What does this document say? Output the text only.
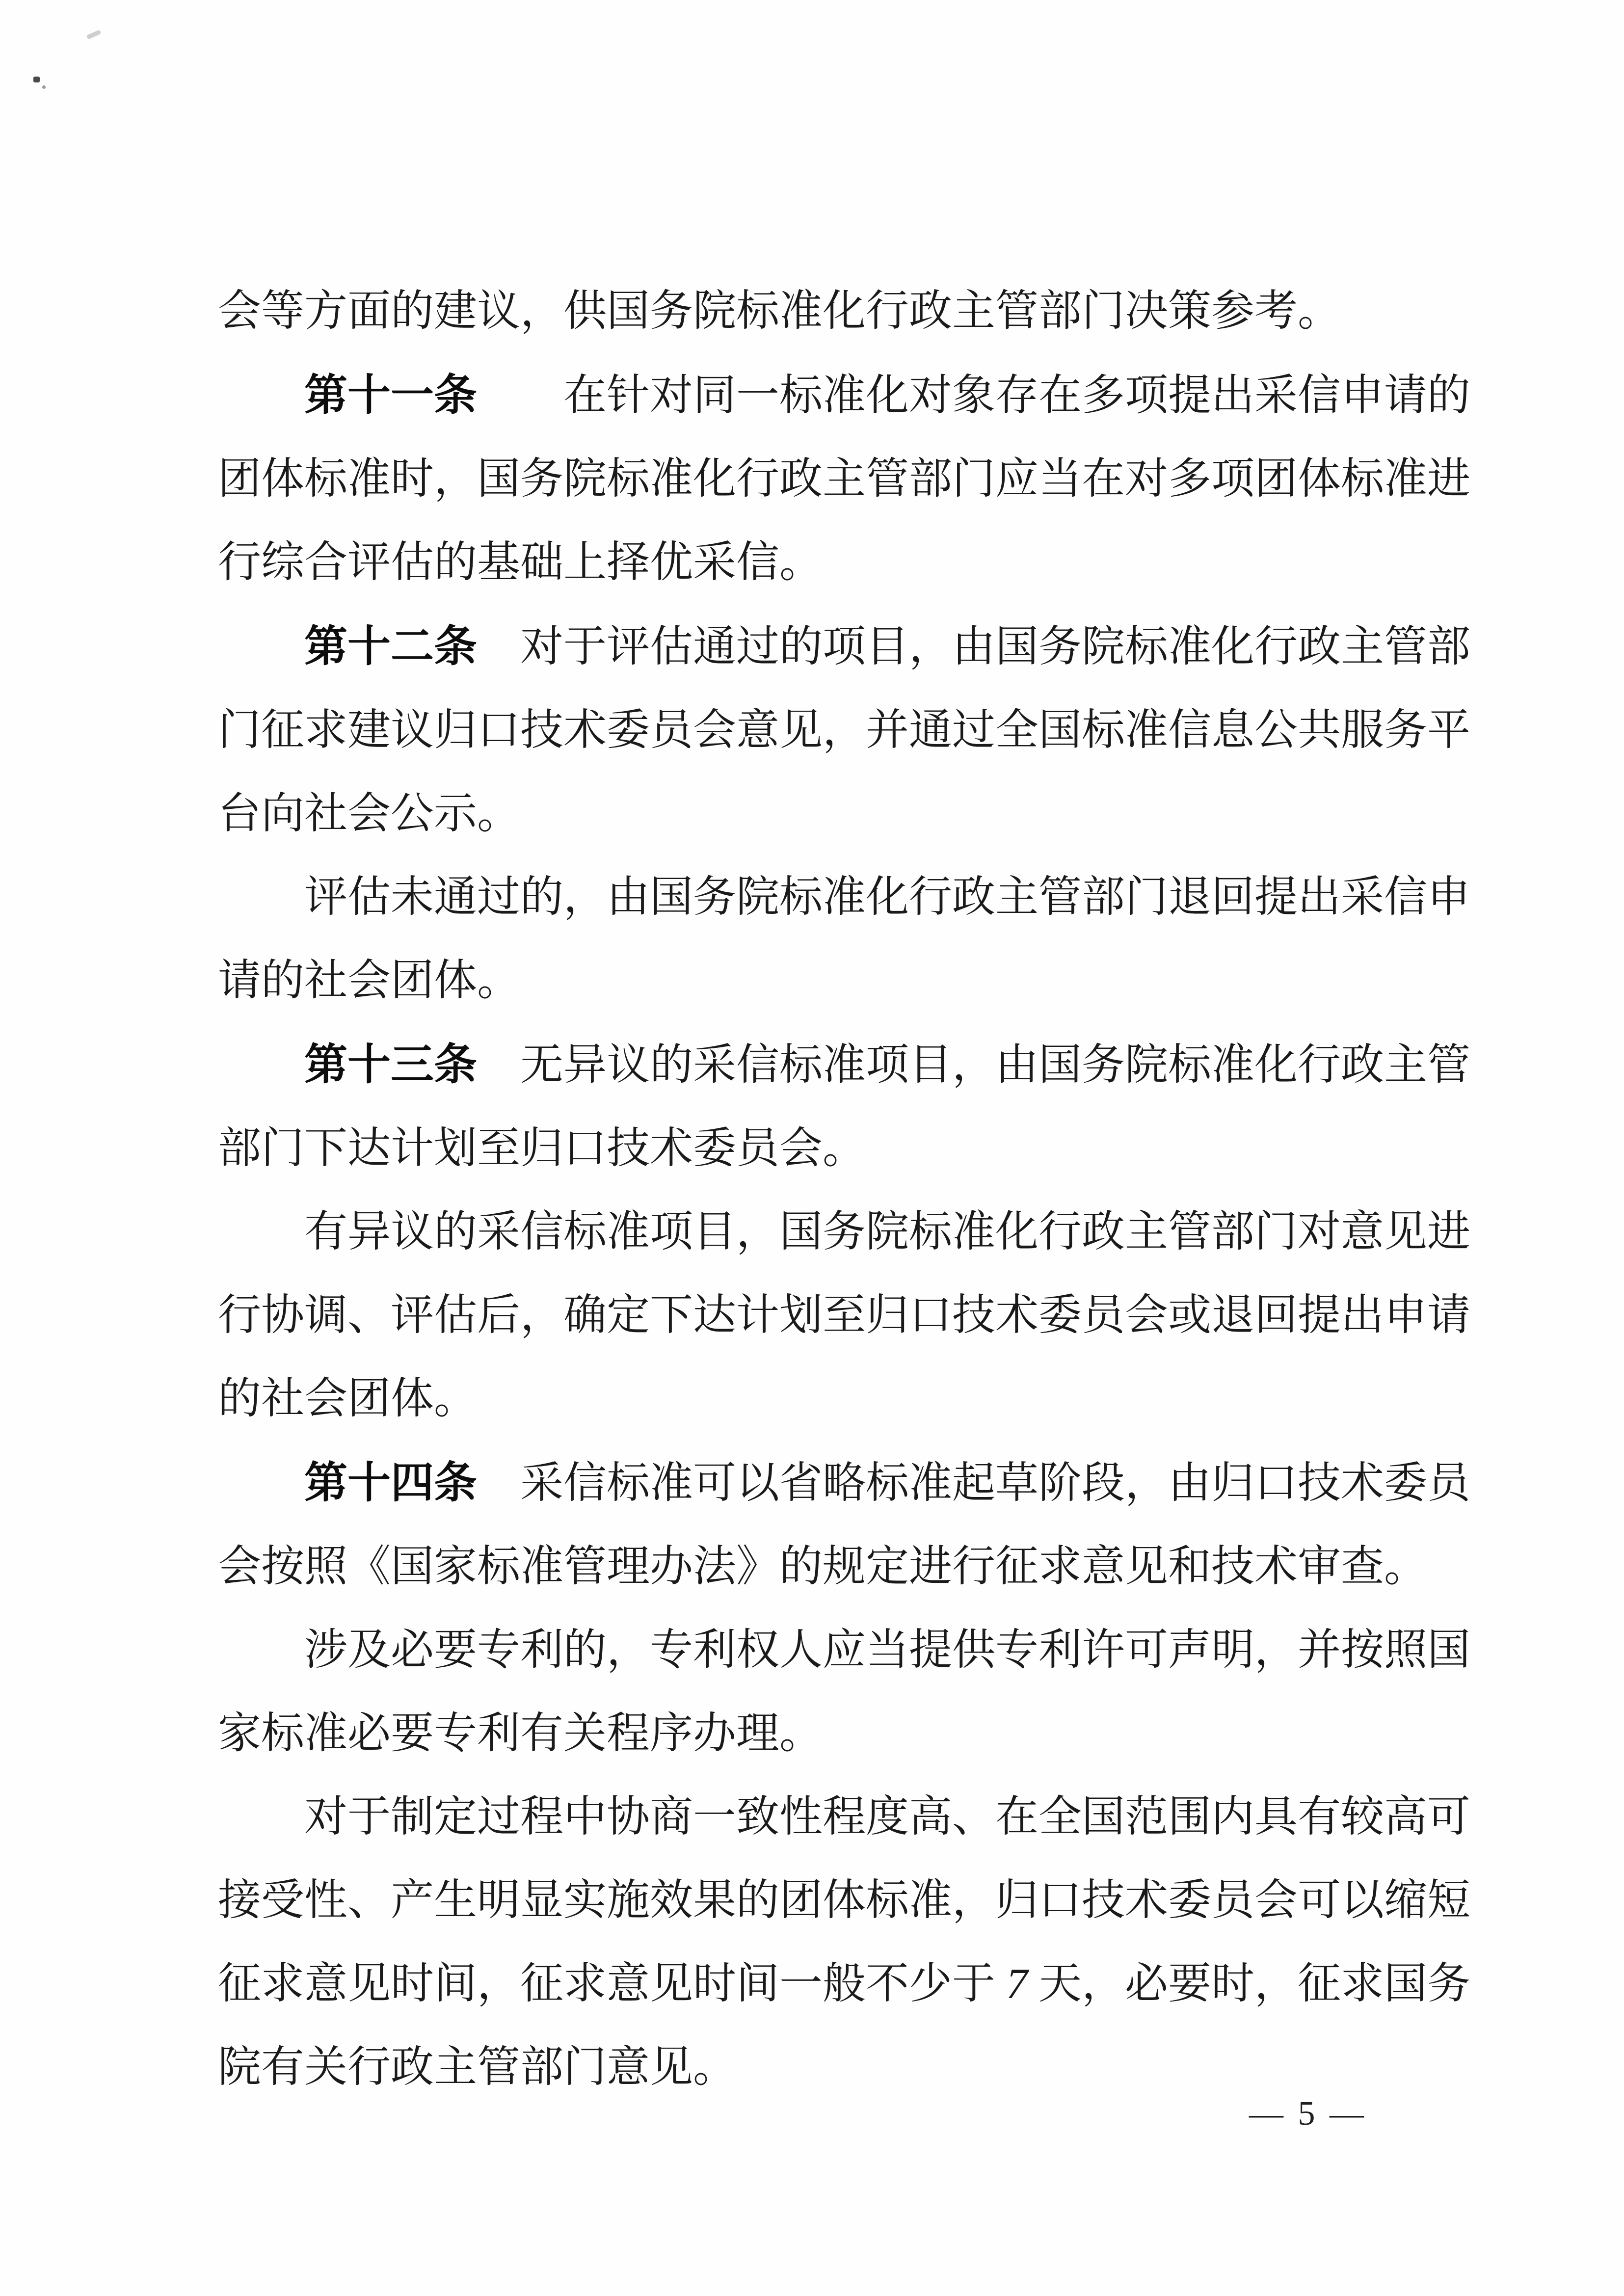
会等方面的建议，供国务院标准化行政主管部门决策参考。

第十一条 在针对同一标准化对象存在多项提出采信申请的
团体标准时，国务院标准化行政主管部门应当在对多项团体标准进
行综合评估的基础上择优采信。

第十二条 对于评估通过的项目，由国务院标准化行政主管部
门征求建议归口技术委员会意见，并通过全国标准信息公共服务平
台向社会公示。

评估未通过的，由国务院标准化行政主管部门退回提出采信申
请的社会团体。

第十三条 无异议的采信标准项目，由国务院标准化行政主管
部门下达计划至归口技术委员会。

有异议的采信标准项目，国务院标准化行政主管部门对意见进
行协调、评估后，确定下达计划至归口技术委员会或退回提出申请
的社会团体。

第十四条 采信标准可以省略标准起草阶段，由归口技术委员
会按照《国家标准管理办法》的规定进行征求意见和技术审查。

涉及必要专利的，专利权人应当提供专利许可声明，并按照国
家标准必要专利有关程序办理。

对于制定过程中协商一致性程度高、在全国范围内具有较高可
接受性、产生明显实施效果的团体标准，归口技术委员会可以缩短
征求意见时间，征求意见时间一般不少于 7 天，必要时，征求国务
院有关行政主管部门意见。

— 5 —
